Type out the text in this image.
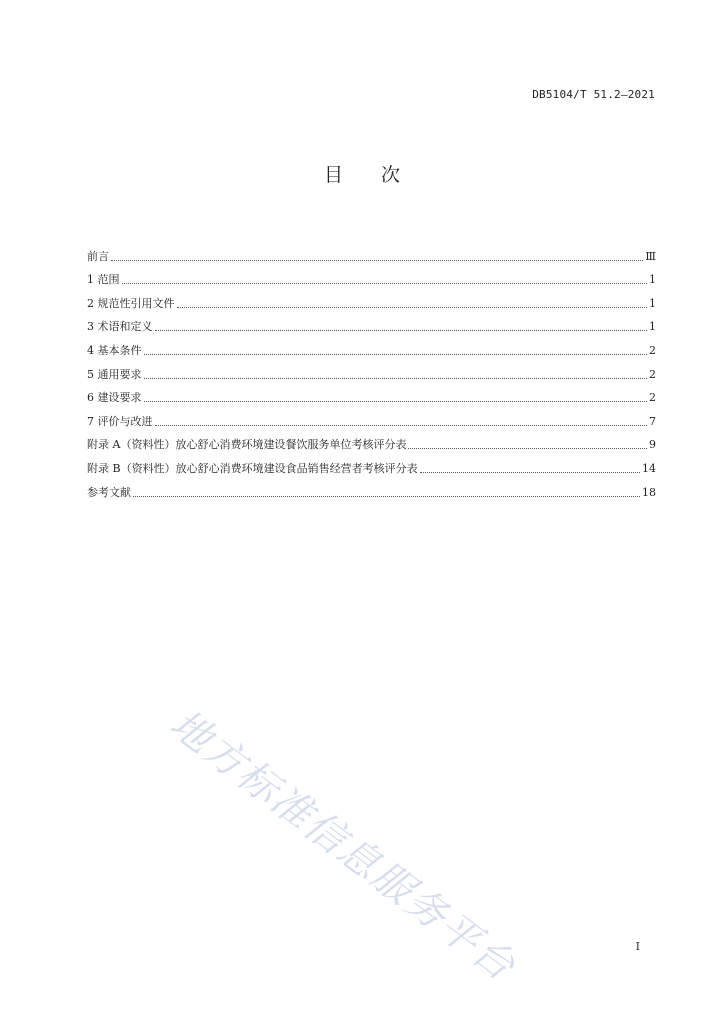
DB5104/T 51.2—2021
目 次
前言	Ⅲ
1 范围	1
2 规范性引用文件	1
3 术语和定义	1
4 基本条件	2
5 通用要求	2
6 建设要求	2
7 评价与改进	7
附录 A（资料性）放心舒心消费环境建设餐饮服务单位考核评分表	9
附录 B（资料性）放心舒心消费环境建设食品销售经营者考核评分表	14
参考文献	18
地方标准信息服务平台	I
